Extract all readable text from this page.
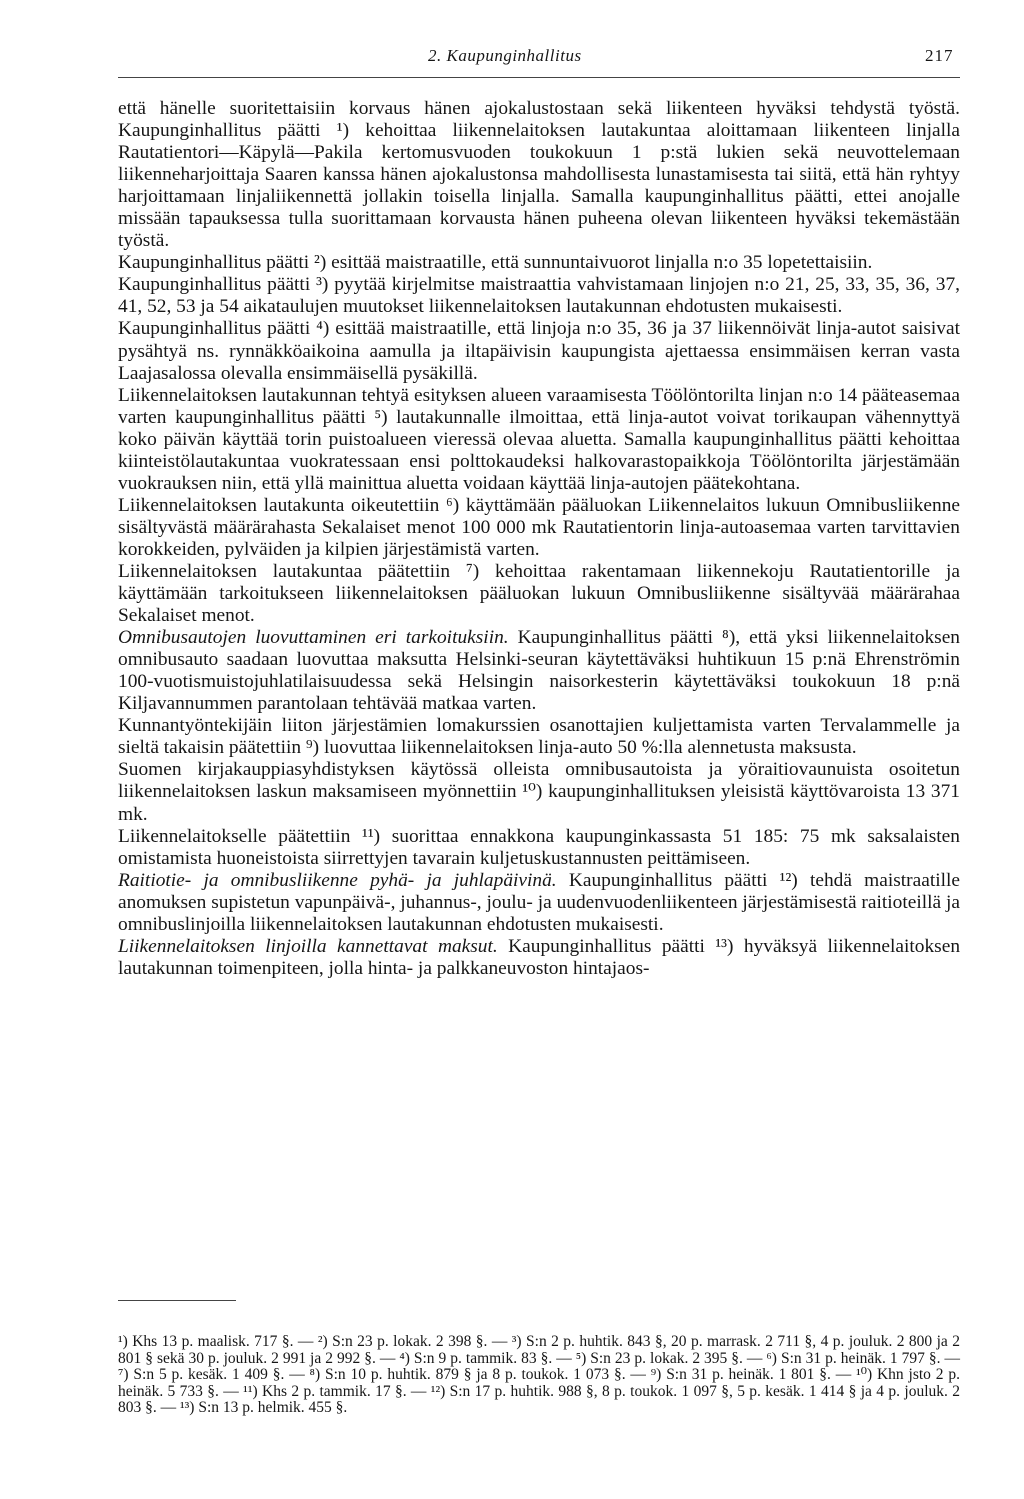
2. Kaupunginhallitus	217

että hänelle suoritettaisiin korvaus hänen ajokalustostaan sekä liikenteen hyväksi tehdystä työstä. Kaupunginhallitus päätti ¹) kehoittaa liikennelaitoksen lautakuntaa aloittamaan liikenteen linjalla Rautatientori—Käpylä—Pakila kertomusvuoden toukokuun 1 p:stä lukien sekä neuvottelemaan liikenneharjoittaja Saaren kanssa hänen ajokalustonsa mahdollisesta lunastamisesta tai siitä, että hän ryhtyy harjoittamaan linjaliikennettä jollakin toisella linjalla. Samalla kaupunginhallitus päätti, ettei anojalle missään tapauksessa tulla suorittamaan korvausta hänen puheena olevan liikenteen hyväksi tekemästään työstä.

Kaupunginhallitus päätti ²) esittää maistraatille, että sunnuntaivuorot linjalla n:o 35 lopetettaisiin.

Kaupunginhallitus päätti ³) pyytää kirjelmitse maistraattia vahvistamaan linjojen n:o 21, 25, 33, 35, 36, 37, 41, 52, 53 ja 54 aikataulujen muutokset liikennelaitoksen lautakunnan ehdotusten mukaisesti.

Kaupunginhallitus päätti ⁴) esittää maistraatille, että linjoja n:o 35, 36 ja 37 liikennöivät linja-autot saisivat pysähtyä ns. rynnäkköaikoina aamulla ja iltapäivisin kaupungista ajettaessa ensimmäisen kerran vasta Laajasalossa olevalla ensimmäisellä pysäkillä.

Liikennelaitoksen lautakunnan tehtyä esityksen alueen varaamisesta Töölöntorilta linjan n:o 14 pääteasemaa varten kaupunginhallitus päätti ⁵) lautakunnalle ilmoittaa, että linja-autot voivat torikaupan vähennyttyä koko päivän käyttää torin puistoalueen vieressä olevaa aluetta. Samalla kaupunginhallitus päätti kehoittaa kiinteistölautakuntaa vuokratessaan ensi polttokaudeksi halkovarastopaikkoja Töölöntorilta järjestämään vuokrauksen niin, että yllä mainittua aluetta voidaan käyttää linja-autojen päätekohtana.

Liikennelaitoksen lautakunta oikeutettiin ⁶) käyttämään pääluokan Liikennelaitos lukuun Omnibusliikenne sisältyvästä määrärahasta Sekalaiset menot 100 000 mk Rautatientorin linja-autoasemaa varten tarvittavien korokkeiden, pylväiden ja kilpien järjestämistä varten.

Liikennelaitoksen lautakuntaa päätettiin ⁷) kehoittaa rakentamaan liikennekoju Rautatientorille ja käyttämään tarkoitukseen liikennelaitoksen pääluokan lukuun Omnibusliikenne sisältyvää määrärahaa Sekalaiset menot.

Omnibusautojen luovuttaminen eri tarkoituksiin. Kaupunginhallitus päätti ⁸), että yksi liikennelaitoksen omnibusauto saadaan luovuttaa maksutta Helsinki-seuran käytettäväksi huhtikuun 15 p:nä Ehrenströmin 100-vuotismuistojuhlatilaisuudessa sekä Helsingin naisorkesterin käytettäväksi toukokuun 18 p:nä Kiljavannummen parantolaan tehtävää matkaa varten.

Kunnantyöntekijäin liiton järjestämien lomakurssien osanottajien kuljettamista varten Tervalammelle ja sieltä takaisin päätettiin ⁹) luovuttaa liikennelaitoksen linja-auto 50 %:lla alennetusta maksusta.

Suomen kirjakauppiasyhdistyksen käytössä olleista omnibusautoista ja yöraitiovaunuista osoitetun liikennelaitoksen laskun maksamiseen myönnettiin ¹⁰) kaupunginhallituksen yleisistä käyttövaroista 13 371 mk.

Liikennelaitokselle päätettiin ¹¹) suorittaa ennakkona kaupunginkassasta 51 185: 75 mk saksalaisten omistamista huoneistoista siirrettyjen tavarain kuljetuskustannusten peittämiseen.

Raitiotie- ja omnibusliikenne pyhä- ja juhlapäivinä. Kaupunginhallitus päätti ¹²) tehdä maistraatille anomuksen supistetun vapunpäivä-, juhannus-, joulu- ja uudenvuodenliikenteen järjestämisestä raitioteillä ja omnibuslinjoilla liikennelaitoksen lautakunnan ehdotusten mukaisesti.

Liikennelaitoksen linjoilla kannettavat maksut. Kaupunginhallitus päätti ¹³) hyväksyä liikennelaitoksen lautakunnan toimenpiteen, jolla hinta- ja palkkaneuvoston hintajaos-

¹) Khs 13 p. maalisk. 717 §. — ²) S:n 23 p. lokak. 2 398 §. — ³) S:n 2 p. huhtik. 843 §, 20 p. marrask. 2 711 §, 4 p. jouluk. 2 800 ja 2 801 § sekä 30 p. jouluk. 2 991 ja 2 992 §. — ⁴) S:n 9 p. tammik. 83 §. — ⁵) S:n 23 p. lokak. 2 395 §. — ⁶) S:n 31 p. heinäk. 1 797 §. — ⁷) S:n 5 p. kesäk. 1 409 §. — ⁸) S:n 10 p. huhtik. 879 § ja 8 p. toukok. 1 073 §. — ⁹) S:n 31 p. heinäk. 1 801 §. — ¹⁰) Khn jsto 2 p. heinäk. 5 733 §. — ¹¹) Khs 2 p. tammik. 17 §. — ¹²) S:n 17 p. huhtik. 988 §, 8 p. toukok. 1 097 §, 5 p. kesäk. 1 414 § ja 4 p. jouluk. 2 803 §. — ¹³) S:n 13 p. helmik. 455 §.
